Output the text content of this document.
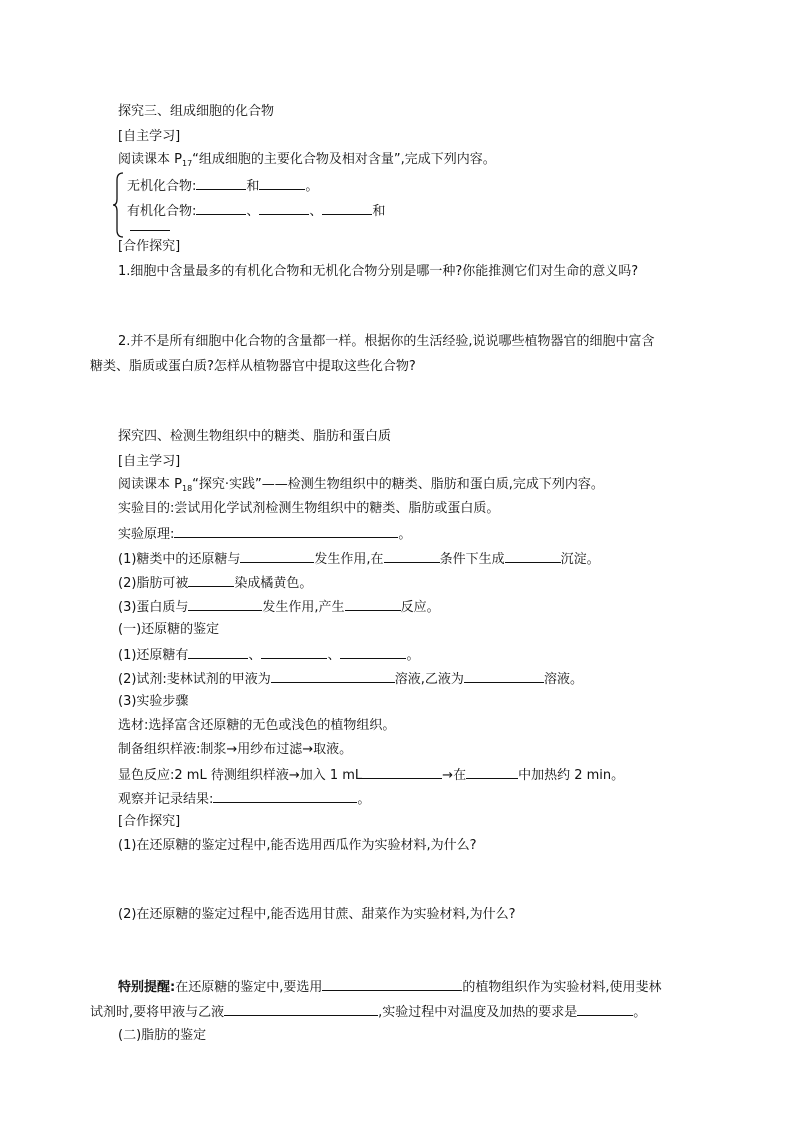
探究三、组成细胞的化合物
[自主学习]
阅读课本 $P_{17}“$组成细胞的主要化合物及相对含量”,完成下列内容。
无机化合物:	和	。
有机化合物:	、	、	和
[合作探究]
1.细胞中含量最多的有机化合物和无机化合物分别是哪一种?你能推测它们对生命的意义吗?
2.并不是所有细胞中化合物的含量都一样。根据你的生活经验,说说哪些植物器官的细胞中富含
糖类、脂质或蛋白质?怎样从植物器官中提取这些化合物?
探究四、检测生物组织中的糖类、脂肪和蛋白质
[自主学习]
阅读课本 $P_{18}“$探究·实践”——检测生物组织中的糖类、脂肪和蛋白质,完成下列内容。
实验目的:尝试用化学试剂检测生物组织中的糖类、脂肪或蛋白质。
实验原理:	。
(1)糖类中的还原糖与	发生作用,在	条件下生成	沉淀。
(2)脂肪可被	染成橘黄色。
(3)蛋白质与	发生作用,产生	反应。
(一)还原糖的鉴定
(1)还原糖有	、	、	。
(2)试剂:斐林试剂的甲液为	溶液,乙液为	溶液。
(3)实验步骤
选材:选择富含还原糖的无色或浅色的植物组织。
制备组织样液:制浆→用纱布过滤→取液。
显色反应:2 mL 待测组织样液→加入 1 mL	→在	中加热约 2 min。
观察并记录结果:	。
[合作探究]
(1)在还原糖的鉴定过程中,能否选用西瓜作为实验材料,为什么?
(2)在还原糖的鉴定过程中,能否选用甘蔗、甜菜作为实验材料,为什么?
特别提醒:在还原糖的鉴定中,要选用	的植物组织作为实验材料,使用斐林
试剂时,要将甲液与乙液	,实验过程中对温度及加热的要求是	。
(二)脂肪的鉴定
